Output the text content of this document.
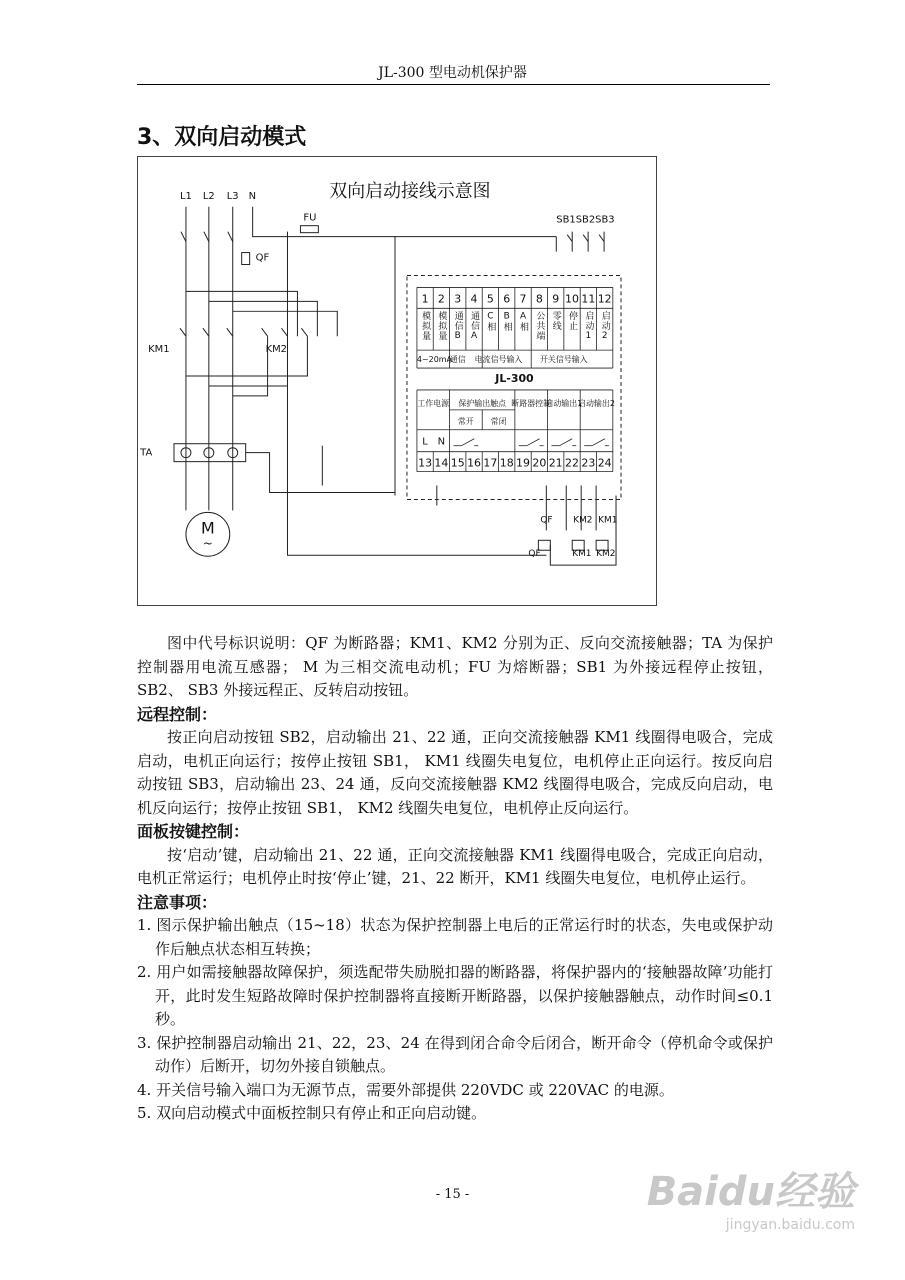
JL-300 型电动机保护器
3、双向启动模式
双向启动接线示意图
L1 L2 L3 N
FU
QF
SB1SB2SB3
KM1	KM2
TA
M
~
1
模拟量
2
模拟量
3
通信B
4
通信A
5
C相
6
B相
7
A相
8
公共端
9
零线
10
停止
11
启动1
12
启动2
4~20mA
通信 电流信号输入 开关信号输入
工作电源 保护输出触点 断路器控制
启动输出1
启动输出2
常开 常闭
L N
13 14 15 16 17 18 19 20 21 22 23 24
JL-300
QF KM2 KM1
QF	KM1 KM2

图中代号标识说明：QF 为断路器；KM1、KM2 分别为正、反向交流接触器；TA 为保护控制器用电流互感器； M 为三相交流电动机；FU 为熔断器；SB1 为外接远程停止按钮，SB2、 SB3 外接远程正、反转启动按钮。

远程控制：

按正向启动按钮 SB2，启动输出 21、22 通，正向交流接触器 KM1 线圈得电吸合，完成启动，电机正向运行；按停止按钮 SB1， KM1 线圈失电复位，电机停止正向运行。按反向启动按钮 SB3，启动输出 23、24 通，反向交流接触器 KM2 线圈得电吸合，完成反向启动，电机反向运行；按停止按钮 SB1， KM2 线圈失电复位，电机停止反向运行。

面板按键控制：

按‘启动’键，启动输出 21、22 通，正向交流接触器 KM1 线圈得电吸合，完成正向启动，电机正常运行；电机停止时按‘停止’键，21、22 断开，KM1 线圈失电复位，电机停止运行。

注意事项：

1. 图示保护输出触点（15~18）状态为保护控制器上电后的正常运行时的状态，失电或保护动作后触点状态相互转换；

2. 用户如需接触器故障保护，须选配带失励脱扣器的断路器，将保护器内的‘接触器故障’功能打开，此时发生短路故障时保护控制器将直接断开断路器，以保护接触器触点，动作时间≤0.1 秒。

3. 保护控制器启动输出 21、22，23、24 在得到闭合命令后闭合，断开命令（停机命令或保护动作）后断开，切勿外接自锁触点。

4. 开关信号输入端口为无源节点，需要外部提供 220VDC 或 220VAC 的电源。

5. 双向启动模式中面板控制只有停止和正向启动键。

- 15 -	Baidu经验
jingyan.baidu.com
